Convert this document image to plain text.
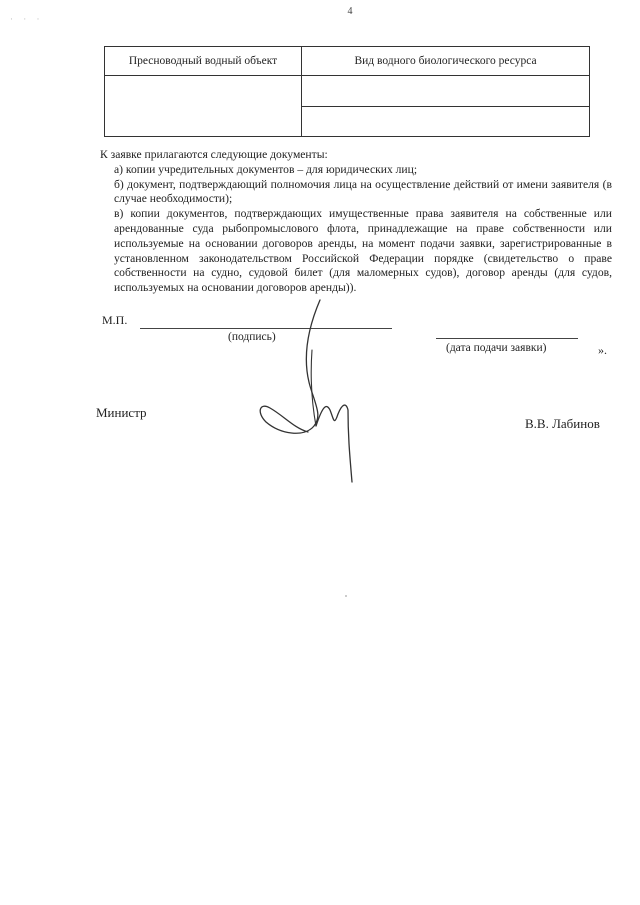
4
· · ·
Пресноводный водный объект	Вид водного биологического ресурса

К заявке прилагаются следующие документы:

а) копии учредительных документов – для юридических лиц;

б) документ, подтверждающий полномочия лица на осуществление действий от имени заявителя (в случае необходимости);

в) копии документов, подтверждающих имущественные права заявителя на собственные или арендованные суда рыбопромыслового флота, принадлежащие на праве собственности или используемые на основании договоров аренды, на момент подачи заявки, зарегистрированные в установленном законодательством Российской Федерации порядке (свидетельство о праве собственности на судно, судовой билет (для маломерных судов), договор аренды (для судов, используемых на основании договоров аренды)).

М.П.
(подпись)
(дата подачи заявки)	».
Министр
В.В. Лабинов
